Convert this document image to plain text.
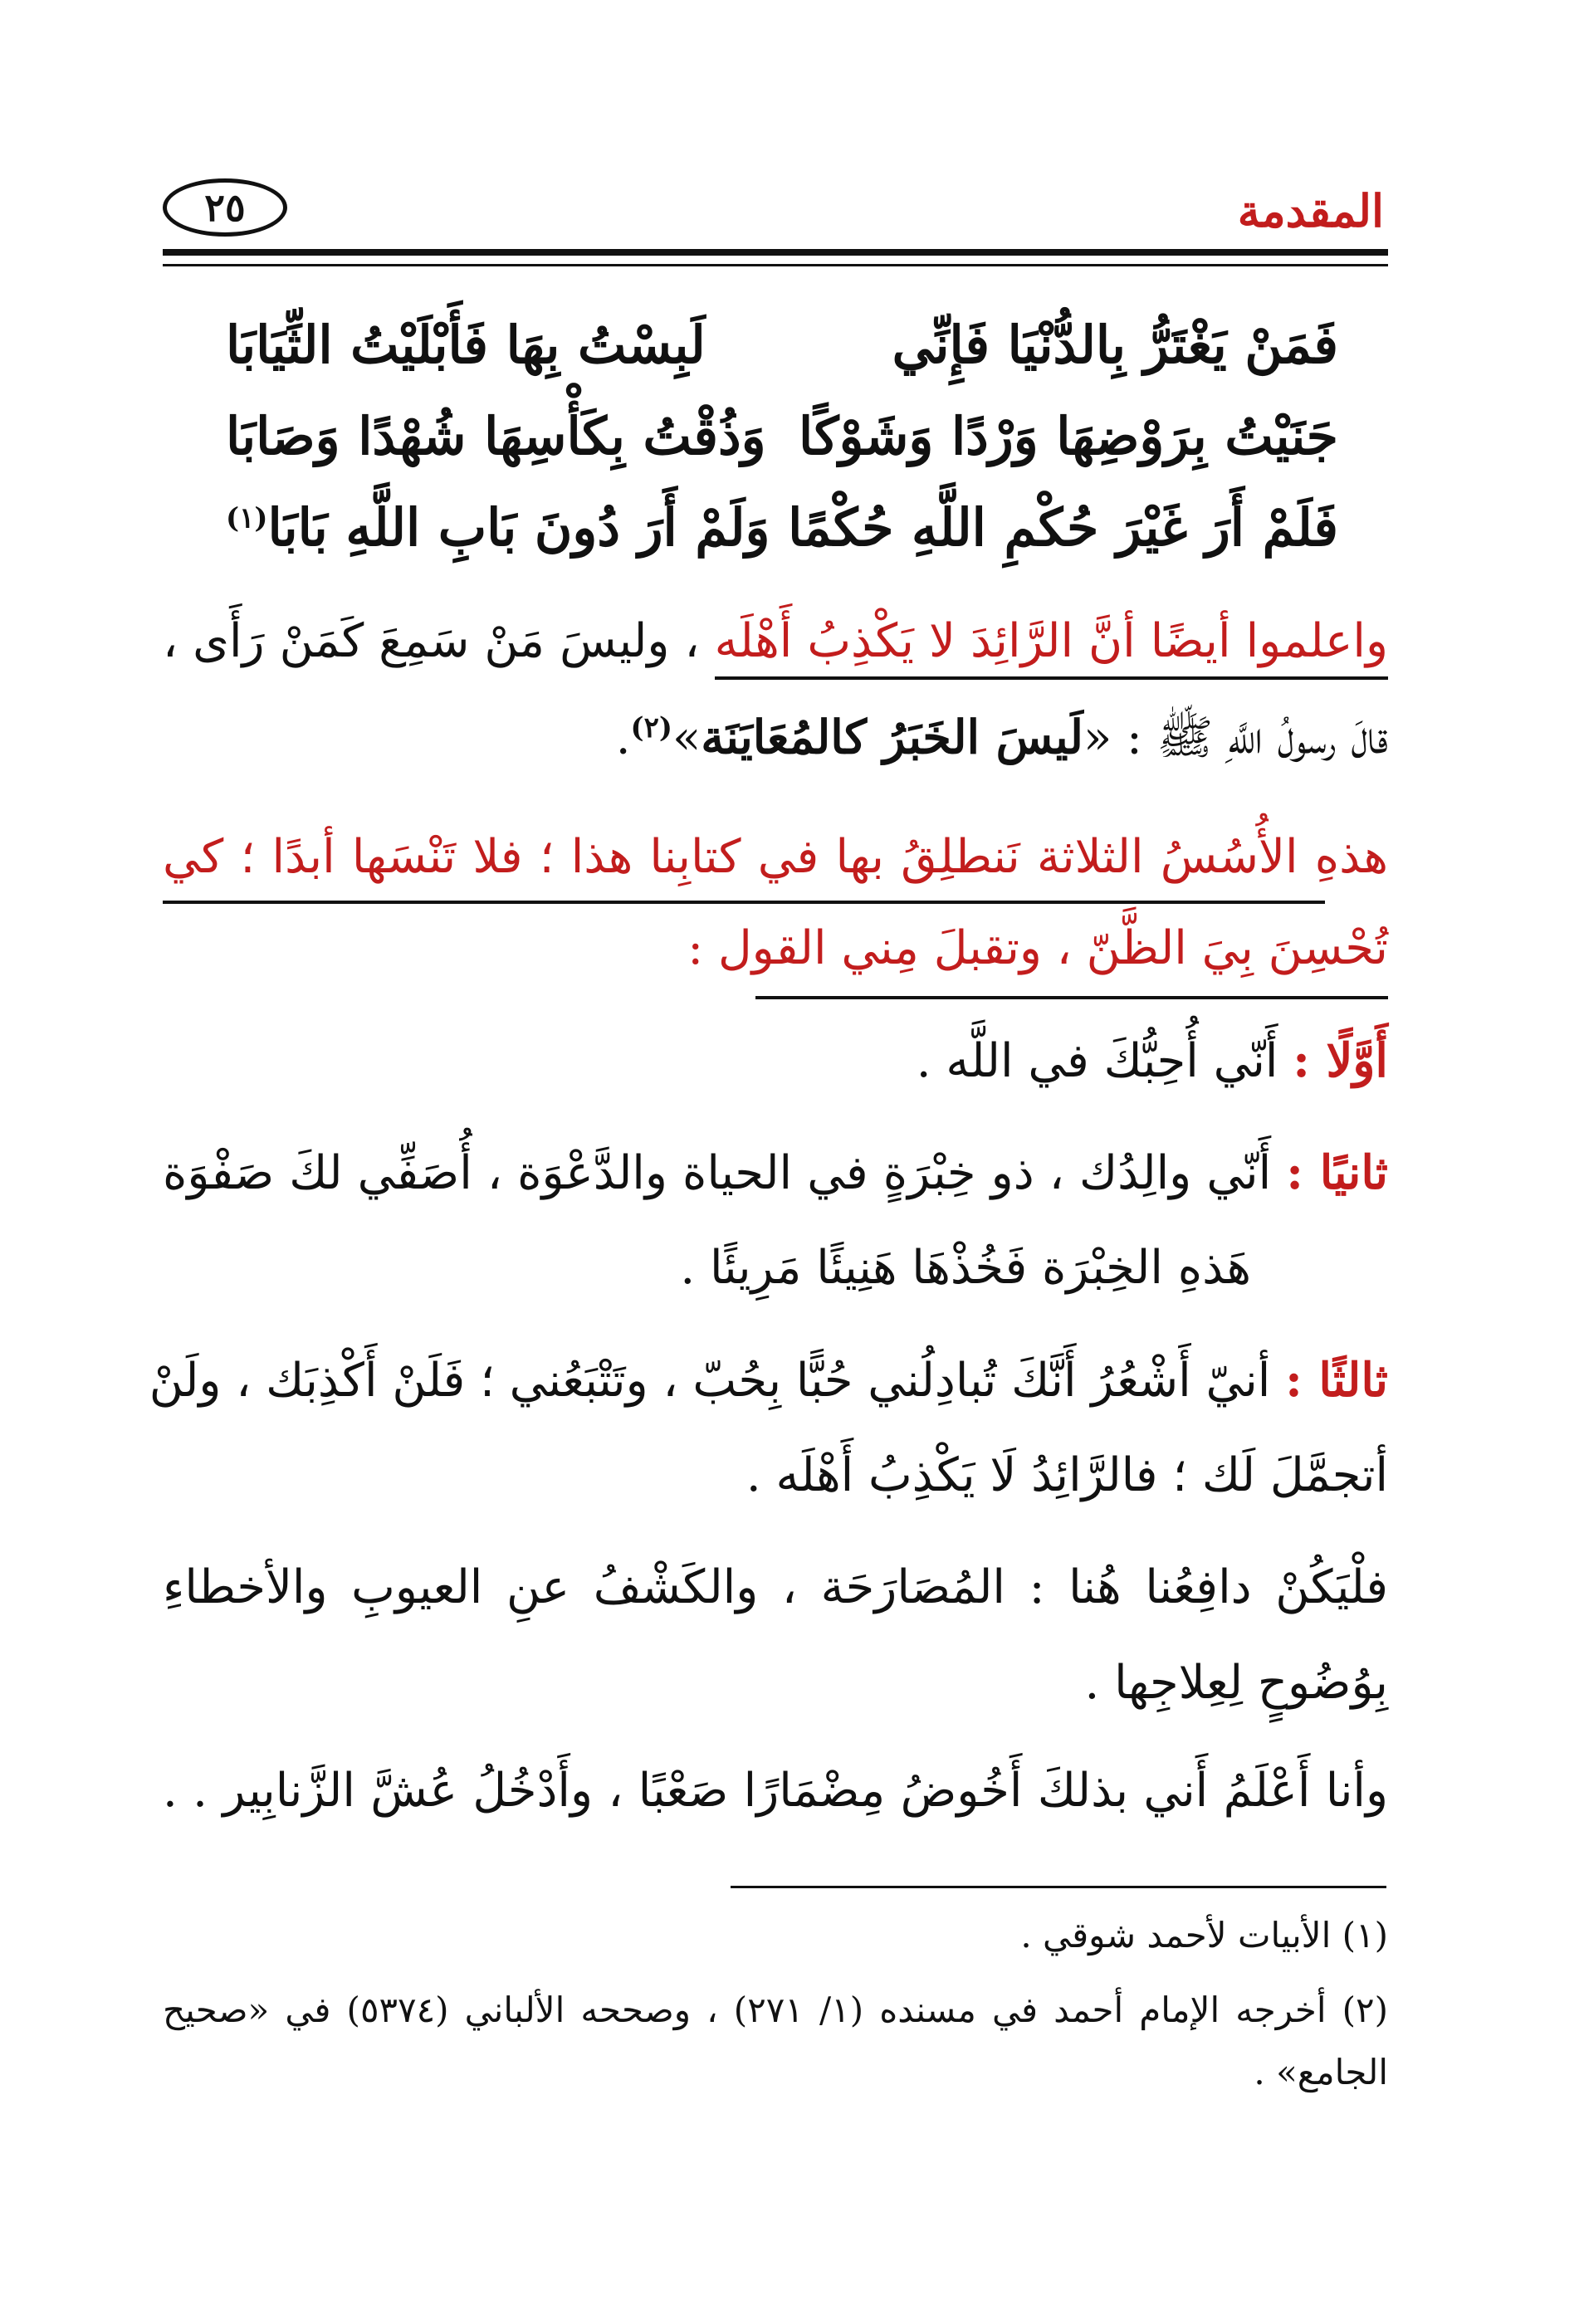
المقدمة
٢٥
فَمَنْ يَغْتَرُّ بِالدُّنْيَا فَإِنِّي
لَبِسْتُ بِهَا فَأَبْلَيْتُ الثِّيَابَا
جَنَيْتُ بِرَوْضِهَا وَرْدًا وَشَوْكًا
وَذُقْتُ بِكَأْسِهَا شُهْدًا وَصَابَا
فَلَمْ أَرَ غَيْرَ حُكْمِ اللَّهِ حُكْمًا
وَلَمْ أَرَ دُونَ بَابِ اللَّهِ بَابَا$^{(١)}$
واعلموا أيضًا أنَّ الرَّائِدَ لا يَكْذِبُ أَهْلَه ، وليسَ مَنْ سَمِعَ كَمَنْ رَأَى ،
قالَ رسولُ اللَّهِ ﷺ : «لَيسَ الخَبَرُ كالمُعَايَنَة»$^{(٢)}$.
هذهِ الأُسُسُ الثلاثة نَنطلِقُ بها في كتابِنا هذا ؛ فلا تَنْسَها أبدًا ؛ كي
تُحْسِنَ بِيَ الظَّنّ ، وتقبلَ مِني القول :
أَوَّلًا : أَنّي أُحِبُّكَ في اللَّه .
ثانيًا : أَنّي والِدُك ، ذو خِبْرَةٍ في الحياة والدَّعْوَة ، أُصَفِّي لكَ صَفْوَة
هَذهِ الخِبْرَة فَخُذْهَا هَنِيئًا مَرِيئًا .
ثالثًا : أنيّ أَشْعُرُ أَنَّكَ تُبادِلُني حُبًّا بِحُبّ ، وتَتْبَعُني ؛ فَلَنْ أَكْذِبَك ، ولَنْ
أتجمَّلَ لَك ؛ فالرَّائِدُ لَا يَكْذِبُ أَهْلَه .
فلْيَكُنْ دافِعُنا هُنا : المُصَارَحَة ، والكَشْفُ عنِ العيوبِ والأخطاءِ
بِوُضُوحٍ لِعِلاجِها .
وأنا أَعْلَمُ أَني بذلكَ أَخُوضُ مِضْمَارًا صَعْبًا ، وأَدْخُلُ عُشَّ الزَّنابِير . .
(١) الأبيات لأحمد شوقي .
(٢) أخرجه الإمام أحمد في مسنده (١/ ٢٧١) ، وصححه الألباني (٥٣٧٤) في «صحيح
الجامع» .
